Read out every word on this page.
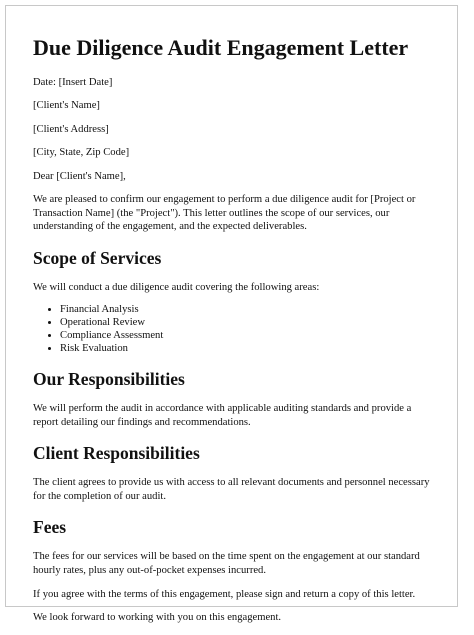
Due Diligence Audit Engagement Letter

Date: [Insert Date]

[Client's Name]

[Client's Address]

[City, State, Zip Code]

Dear [Client's Name],

We are pleased to confirm our engagement to perform a due diligence audit for [Project or Transaction Name] (the "Project"). This letter outlines the scope of our services, our understanding of the engagement, and the expected deliverables.

Scope of Services

We will conduct a due diligence audit covering the following areas:

• Financial Analysis
• Operational Review
• Compliance Assessment
• Risk Evaluation
Our Responsibilities

We will perform the audit in accordance with applicable auditing standards and provide a report detailing our findings and recommendations.

Client Responsibilities

The client agrees to provide us with access to all relevant documents and personnel necessary for the completion of our audit.

Fees

The fees for our services will be based on the time spent on the engagement at our standard hourly rates, plus any out-of-pocket expenses incurred.

If you agree with the terms of this engagement, please sign and return a copy of this letter.

We look forward to working with you on this engagement.
